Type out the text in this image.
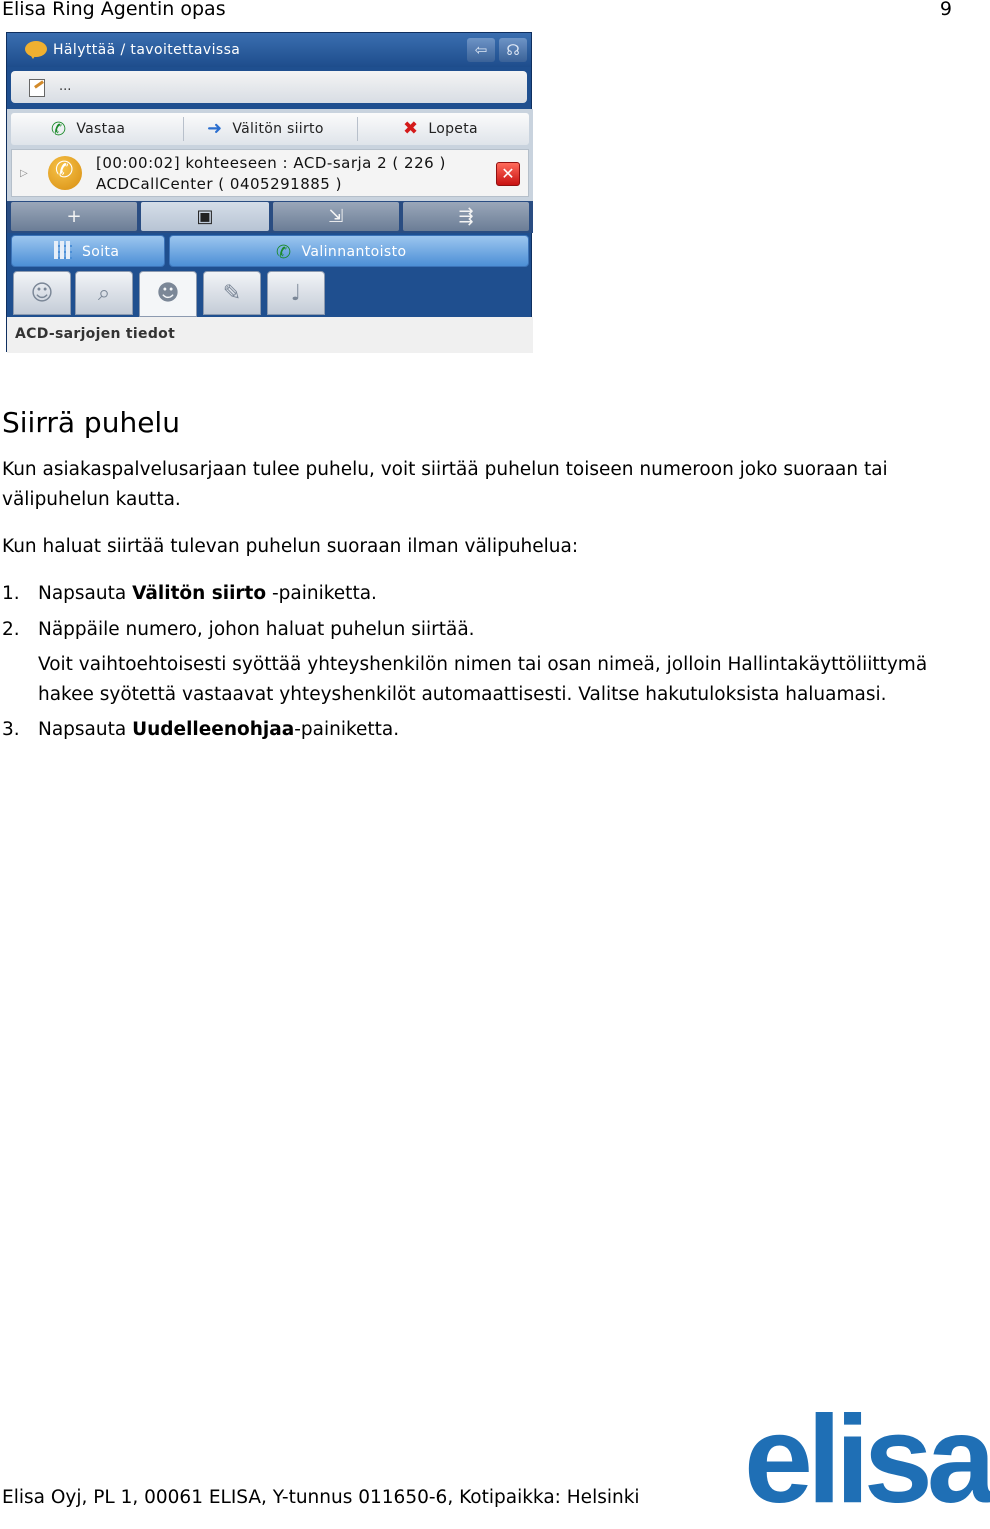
Elisa Ring Agentin opas	9
Hälyttää / tavoitettavissa	⇦	☊
...
✆ Vastaa	➜ Välitön siirto	✖ Lopeta
▷
✆
[00:00:02] kohteeseen : ACD-sarja 2 ( 226 )
ACDCallCenter ( 0405291885 )
✕
+	▣	⇲	⇶
Soita	✆ Valinnantoisto
☺	⌕	☻	✎	♩
ACD-sarjojen tiedot
Siirrä puhelu

Kun asiakaspalvelusarjaan tulee puhelu, voit siirtää puhelun toiseen numeroon joko suoraan tai

välipuhelun kautta.

Kun haluat siirtää tulevan puhelun suoraan ilman välipuhelua:

1. Napsauta Välitön siirto -painiketta.
2. Näppäile numero, johon haluat puhelun siirtää.
Voit vaihtoehtoisesti syöttää yhteyshenkilön nimen tai osan nimeä, jolloin Hallintakäyttöliittymä
hakee syötettä vastaavat yhteyshenkilöt automaattisesti. Valitse hakutuloksista haluamasi.
3. Napsauta Uudelleenohjaa-painiketta.
Elisa Oyj, PL 1, 00061 ELISA, Y-tunnus 011650-6, Kotipaikka: Helsinki elisa
